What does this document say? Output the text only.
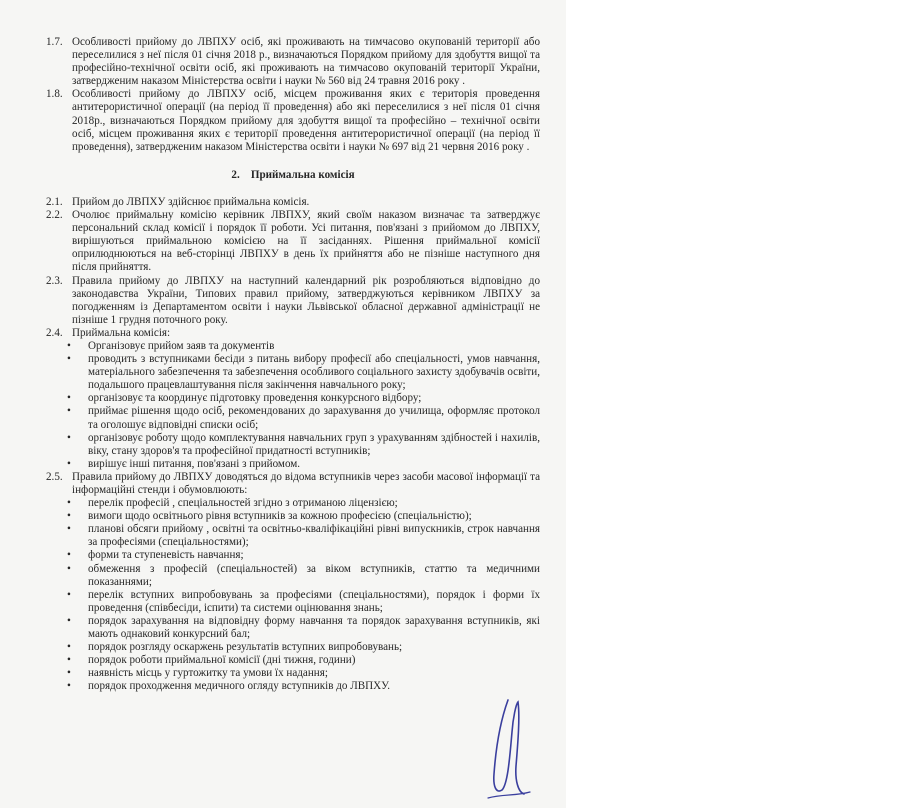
1.7. Особливості прийому до ЛВПХУ осіб, які проживають на тимчасово окупованій території або переселилися з неї після 01 січня 2018 р., визначаються Порядком прийому для здобуття вищої та професійно-технічної освіти осіб, які проживають на тимчасово окупованій території України, затвердженим наказом Міністерства освіти і науки № 560 від 24 травня 2016 року .
1.8. Особливості прийому до ЛВПХУ осіб, місцем проживання яких є територія проведення антитерористичної операції (на період її проведення) або які переселилися з неї після 01 січня 2018р., визначаються Порядком прийому для здобуття вищої та професійно – технічної освіти осіб, місцем проживання яких є території проведення антитерористичної операції (на період її проведення), затвердженим наказом Міністерства освіти і науки № 697 від 21 червня 2016 року .
2. Приймальна комісія
2.1. Прийом до ЛВПХУ здійснює приймальна комісія.
2.2. Очолює приймальну комісію керівник ЛВПХУ, який своїм наказом визначає та затверджує персональний склад комісії і порядок її роботи. Усі питання, пов'язані з прийомом до ЛВПХУ, вирішуються приймальною комісією на її засіданнях. Рішення приймальної комісії оприлюднюються на веб-сторінці ЛВПХУ в день їх прийняття або не пізніше наступного дня після прийняття.
2.3. Правила прийому до ЛВПХУ на наступний календарний рік розробляються відповідно до законодавства України, Типових правил прийому, затверджуються керівником ЛВПХУ за погодженням із Департаментом освіти і науки Львівської обласної державної адміністрації не пізніше 1 грудня поточного року.
2.4. Приймальна комісія:
• Організовує прийом заяв та документів
• проводить з вступниками бесіди з питань вибору професії або спеціальності, умов навчання, матеріального забезпечення та забезпечення особливого соціального захисту здобувачів освіти, подальшого працевлаштування після закінчення навчального року;
• організовує та координує підготовку проведення конкурсного відбору;
• приймає рішення щодо осіб, рекомендованих до зарахування до училища, оформляє протокол та оголошує відповідні списки осіб;
• організовує роботу щодо комплектування навчальних груп з урахуванням здібностей і нахилів, віку, стану здоров'я та професійної придатності вступників;
• вирішує інші питання, пов'язані з прийомом.
2.5. Правила прийому до ЛВПХУ доводяться до відома вступників через засоби масової інформації та інформаційні стенди і обумовлюють:
• перелік професій , спеціальностей згідно з отриманою ліцензією;
• вимоги щодо освітнього рівня вступників за кожною професією (спеціальністю);
• планові обсяги прийому , освітні та освітньо-кваліфікаційні рівні випускників, строк навчання за професіями (спеціальностями);
• форми та ступеневість навчання;
• обмеження з професій (спеціальностей) за віком вступників, статтю та медичними показаннями;
• перелік вступних випробовувань за професіями (спеціальностями), порядок і форми їх проведення (співбесіди, іспити) та системи оцінювання знань;
• порядок зарахування на відповідну форму навчання та порядок зарахування вступників, які мають однаковий конкурсний бал;
• порядок розгляду оскаржень результатів вступних випробовувань;
• порядок роботи приймальної комісії (дні тижня, години)
• наявність місць у гуртожитку та умови їх надання;
• порядок проходження медичного огляду вступників до ЛВПХУ.
